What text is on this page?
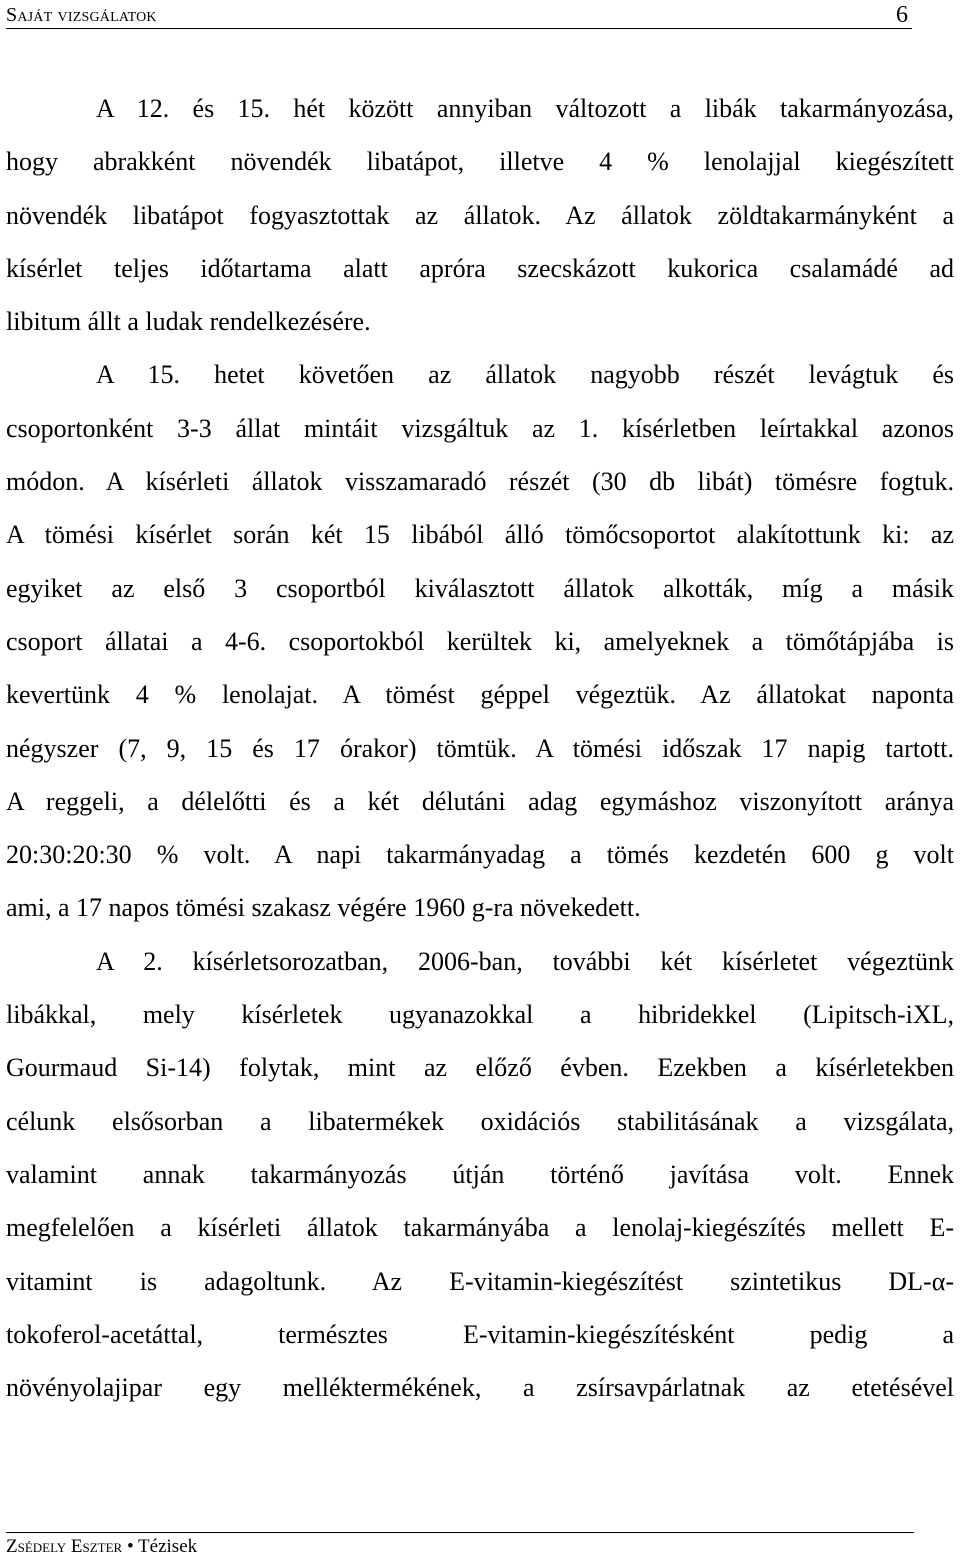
Saját vizsgálatok	6
A 12. és 15. hét között annyiban változott a libák takarmányozása,
hogy abrakként növendék libatápot, illetve 4 % lenolajjal kiegészített
növendék libatápot fogyasztottak az állatok. Az állatok zöldtakarmányként a
kísérlet teljes időtartama alatt apróra szecskázott kukorica csalamádé ad
libitum állt a ludak rendelkezésére.
A 15. hetet követően az állatok nagyobb részét levágtuk és
csoportonként 3-3 állat mintáit vizsgáltuk az 1. kísérletben leírtakkal azonos
módon. A kísérleti állatok visszamaradó részét (30 db libát) tömésre fogtuk.
A tömési kísérlet során két 15 libából álló tömőcsoportot alakítottunk ki: az
egyiket az első 3 csoportból kiválasztott állatok alkották, míg a másik
csoport állatai a 4-6. csoportokból kerültek ki, amelyeknek a tömőtápjába is
kevertünk 4 % lenolajat. A tömést géppel végeztük. Az állatokat naponta
négyszer (7, 9, 15 és 17 órakor) tömtük. A tömési időszak 17 napig tartott.
A reggeli, a délelőtti és a két délutáni adag egymáshoz viszonyított aránya
20:30:20:30 % volt. A napi takarmányadag a tömés kezdetén 600 g volt
ami, a 17 napos tömési szakasz végére 1960 g-ra növekedett.
A 2. kísérletsorozatban, 2006-ban, további két kísérletet végeztünk
libákkal, mely kísérletek ugyanazokkal a hibridekkel (Lipitsch-iXL,
Gourmaud Si-14) folytak, mint az előző évben. Ezekben a kísérletekben
célunk elsősorban a libatermékek oxidációs stabilitásának a vizsgálata,
valamint annak takarmányozás útján történő javítása volt. Ennek
megfelelően a kísérleti állatok takarmányába a lenolaj-kiegészítés mellett E-
vitamint is adagoltunk. Az E-vitamin-kiegészítést szintetikus DL-α-
tokoferol-acetáttal, természtes E-vitamin-kiegészítésként pedig a
növényolajipar egy melléktermékének, a zsírsavpárlatnak az etetésével
Zsédely Eszter • Tézisek
